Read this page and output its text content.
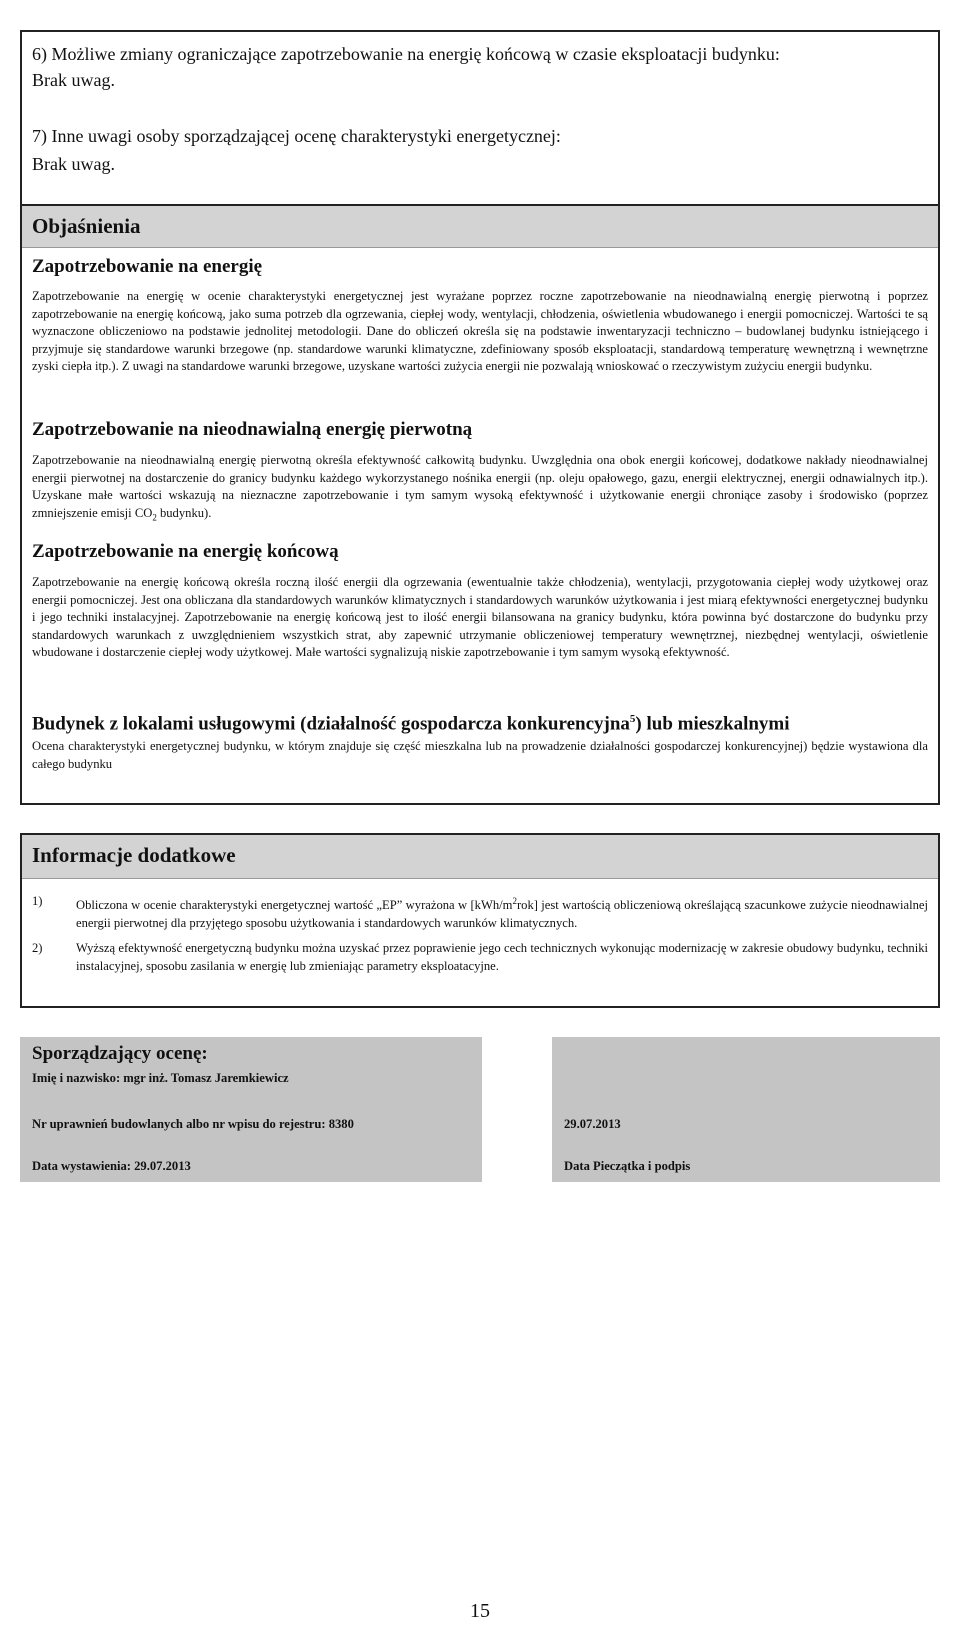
6) Możliwe zmiany ograniczające zapotrzebowanie na energię końcową w czasie eksploatacji budynku:
Brak uwag.
7) Inne uwagi osoby sporządzającej ocenę charakterystyki energetycznej:
Brak uwag.
Objaśnienia
Zapotrzebowanie na energię
Zapotrzebowanie na energię w ocenie charakterystyki energetycznej jest wyrażane poprzez roczne zapotrzebowanie na nieodnawialną energię pierwotną i poprzez zapotrzebowanie na energię końcową, jako suma potrzeb dla ogrzewania, ciepłej wody, wentylacji, chłodzenia, oświetlenia wbudowanego i energii pomocniczej. Wartości te są wyznaczone obliczeniowo na podstawie jednolitej metodologii. Dane do obliczeń określa się na podstawie inwentaryzacji techniczno – budowlanej budynku istniejącego i przyjmuje się standardowe warunki brzegowe (np. standardowe warunki klimatyczne, zdefiniowany sposób eksploatacji, standardową temperaturę wewnętrzną i wewnętrzne zyski ciepła itp.). Z uwagi na standardowe warunki brzegowe, uzyskane wartości zużycia energii nie pozwalają wnioskować o rzeczywistym zużyciu energii budynku.
Zapotrzebowanie na nieodnawialną energię pierwotną
Zapotrzebowanie na nieodnawialną energię pierwotną określa efektywność całkowitą budynku. Uwzględnia ona obok energii końcowej, dodatkowe nakłady nieodnawialnej energii pierwotnej na dostarczenie do granicy budynku każdego wykorzystanego nośnika energii (np. oleju opałowego, gazu, energii elektrycznej, energii odnawialnych itp.). Uzyskane małe wartości wskazują na nieznaczne zapotrzebowanie i tym samym wysoką efektywność i użytkowanie energii chroniące zasoby i środowisko (poprzez zmniejszenie emisji $CO_2$ budynku).
Zapotrzebowanie na energię końcową
Zapotrzebowanie na energię końcową określa roczną ilość energii dla ogrzewania (ewentualnie także chłodzenia), wentylacji, przygotowania ciepłej wody użytkowej oraz energii pomocniczej. Jest ona obliczana dla standardowych warunków klimatycznych i standardowych warunków użytkowania i jest miarą efektywności energetycznej budynku i jego techniki instalacyjnej. Zapotrzebowanie na energię końcową jest to ilość energii bilansowana na granicy budynku, która powinna być dostarczone do budynku przy standardowych warunkach z uwzględnieniem wszystkich strat, aby zapewnić utrzymanie obliczeniowej temperatury wewnętrznej, niezbędnej wentylacji, oświetlenie wbudowane i dostarczenie ciepłej wody użytkowej. Małe wartości sygnalizują niskie zapotrzebowanie i tym samym wysoką efektywność.
Budynek z lokalami usługowymi (działalność gospodarcza konkurencyjna$^5$) lub mieszkalnymi
Ocena charakterystyki energetycznej budynku, w którym znajduje się część mieszkalna lub na prowadzenie działalności gospodarczej konkurencyjnej) będzie wystawiona dla całego budynku
Informacje dodatkowe
1)	Obliczona w ocenie charakterystyki energetycznej wartość „EP” wyrażona w $[kWh/m^2rok]$ jest wartością obliczeniową określającą szacunkowe zużycie nieodnawialnej energii pierwotnej dla przyjętego sposobu użytkowania i standardowych warunków klimatycznych.
2)	Wyższą efektywność energetyczną budynku można uzyskać przez poprawienie jego cech technicznych wykonując modernizację w zakresie obudowy budynku, techniki instalacyjnej, sposobu zasilania w energię lub zmieniając parametry eksploatacyjne.
Sporządzający ocenę:
Imię i nazwisko: mgr inż. Tomasz Jaremkiewicz
Nr uprawnień budowlanych albo nr wpisu do rejestru: 8380
Data wystawienia: 29.07.2013
29.07.2013
Data Pieczątka i podpis
15
